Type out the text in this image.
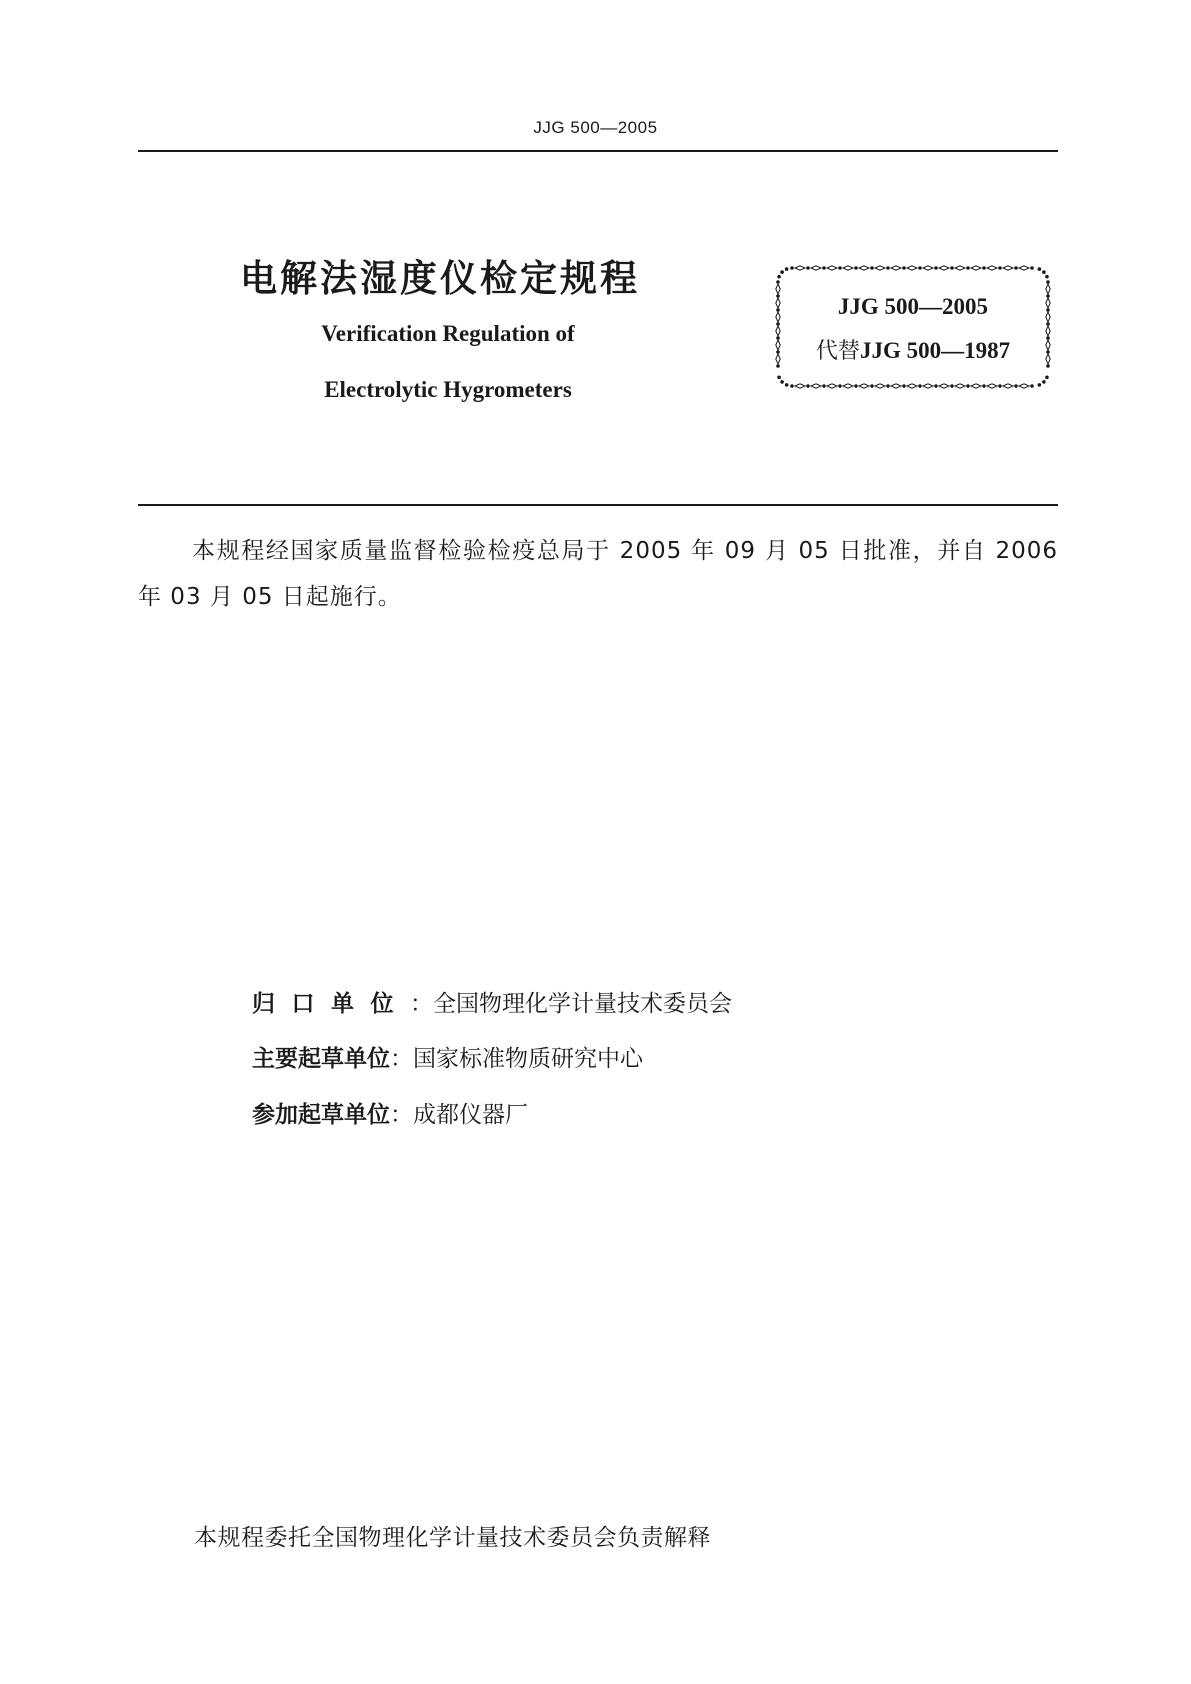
JJG 500—2005
电解法湿度仪检定规程
Verification Regulation of
Electrolytic Hygrometers
JJG 500—2005
代替JJG 500—1987
本规程经国家质量监督检验检疫总局于 2005 年 09 月 05 日批准，并自 2006 年 03 月 05 日起施行。
归口单位：全国物理化学计量技术委员会
主要起草单位：国家标准物质研究中心
参加起草单位：成都仪器厂
本规程委托全国物理化学计量技术委员会负责解释
